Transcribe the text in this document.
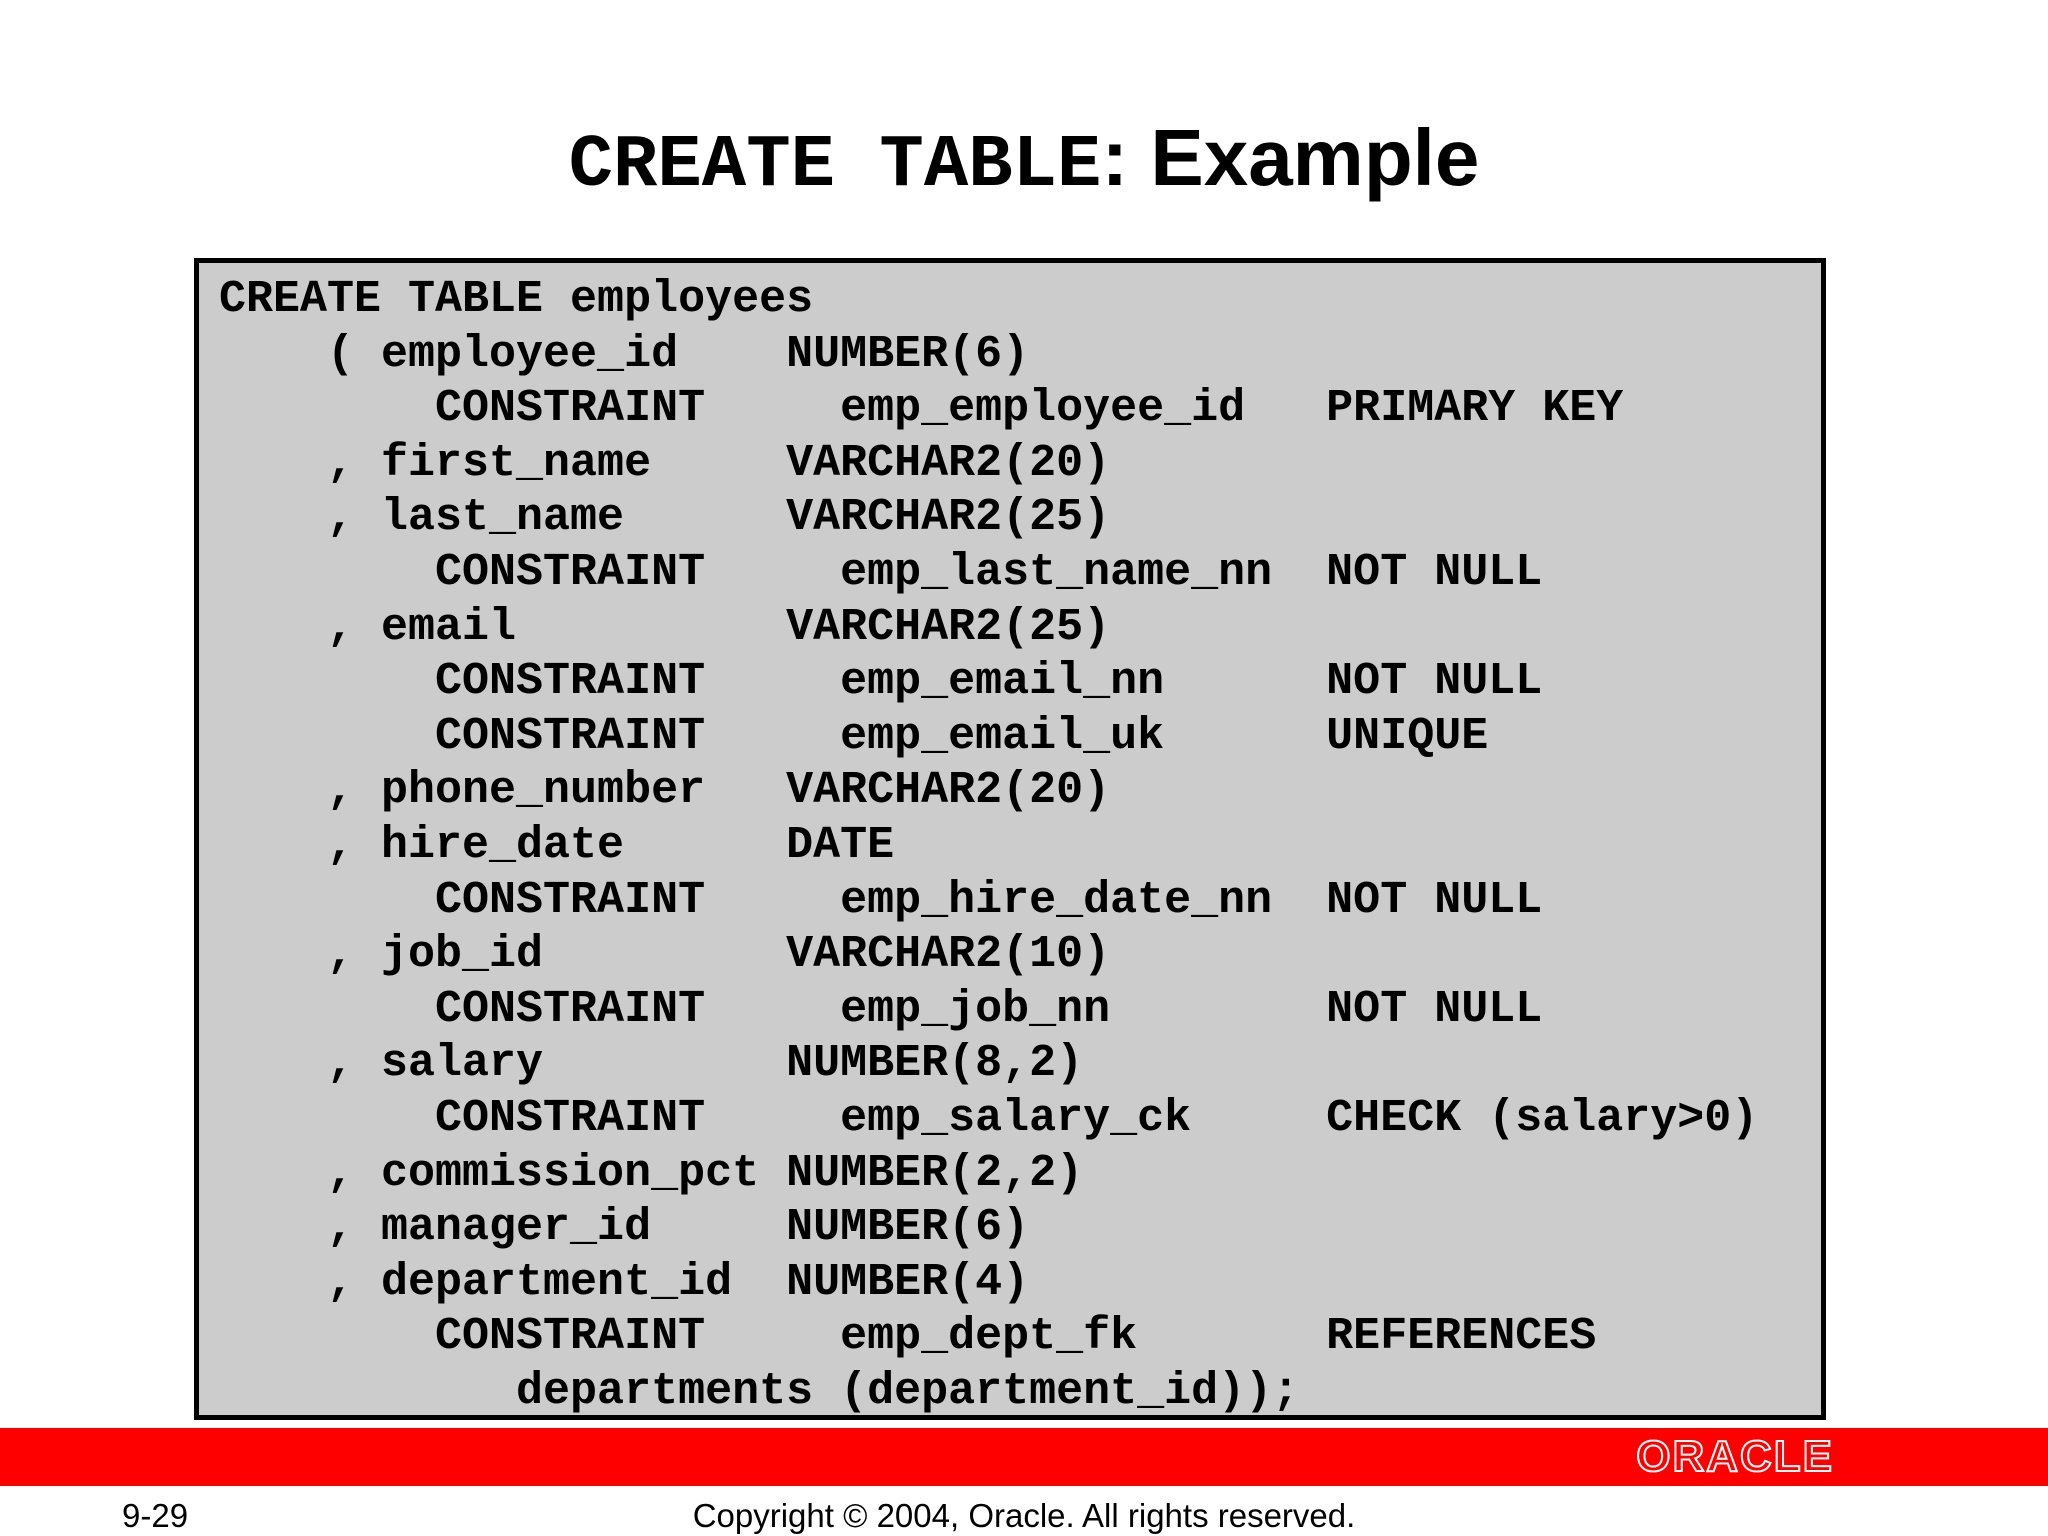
CREATE TABLE: Example
CREATE TABLE employees
( employee_id    NUMBER(6)
CONSTRAINT     emp_employee_id   PRIMARY KEY
, first_name     VARCHAR2(20)
, last_name      VARCHAR2(25)
CONSTRAINT     emp_last_name_nn  NOT NULL
, email          VARCHAR2(25)
CONSTRAINT     emp_email_nn      NOT NULL
CONSTRAINT     emp_email_uk      UNIQUE
, phone_number   VARCHAR2(20)
, hire_date      DATE
CONSTRAINT     emp_hire_date_nn  NOT NULL
, job_id         VARCHAR2(10)
CONSTRAINT     emp_job_nn        NOT NULL
, salary         NUMBER(8,2)
CONSTRAINT     emp_salary_ck     CHECK (salary>0)
, commission_pct NUMBER(2,2)
, manager_id     NUMBER(6)
, department_id  NUMBER(4)
CONSTRAINT     emp_dept_fk       REFERENCES
departments (department_id));
ORACLE
9-29	Copyright © 2004, Oracle. All rights reserved.
